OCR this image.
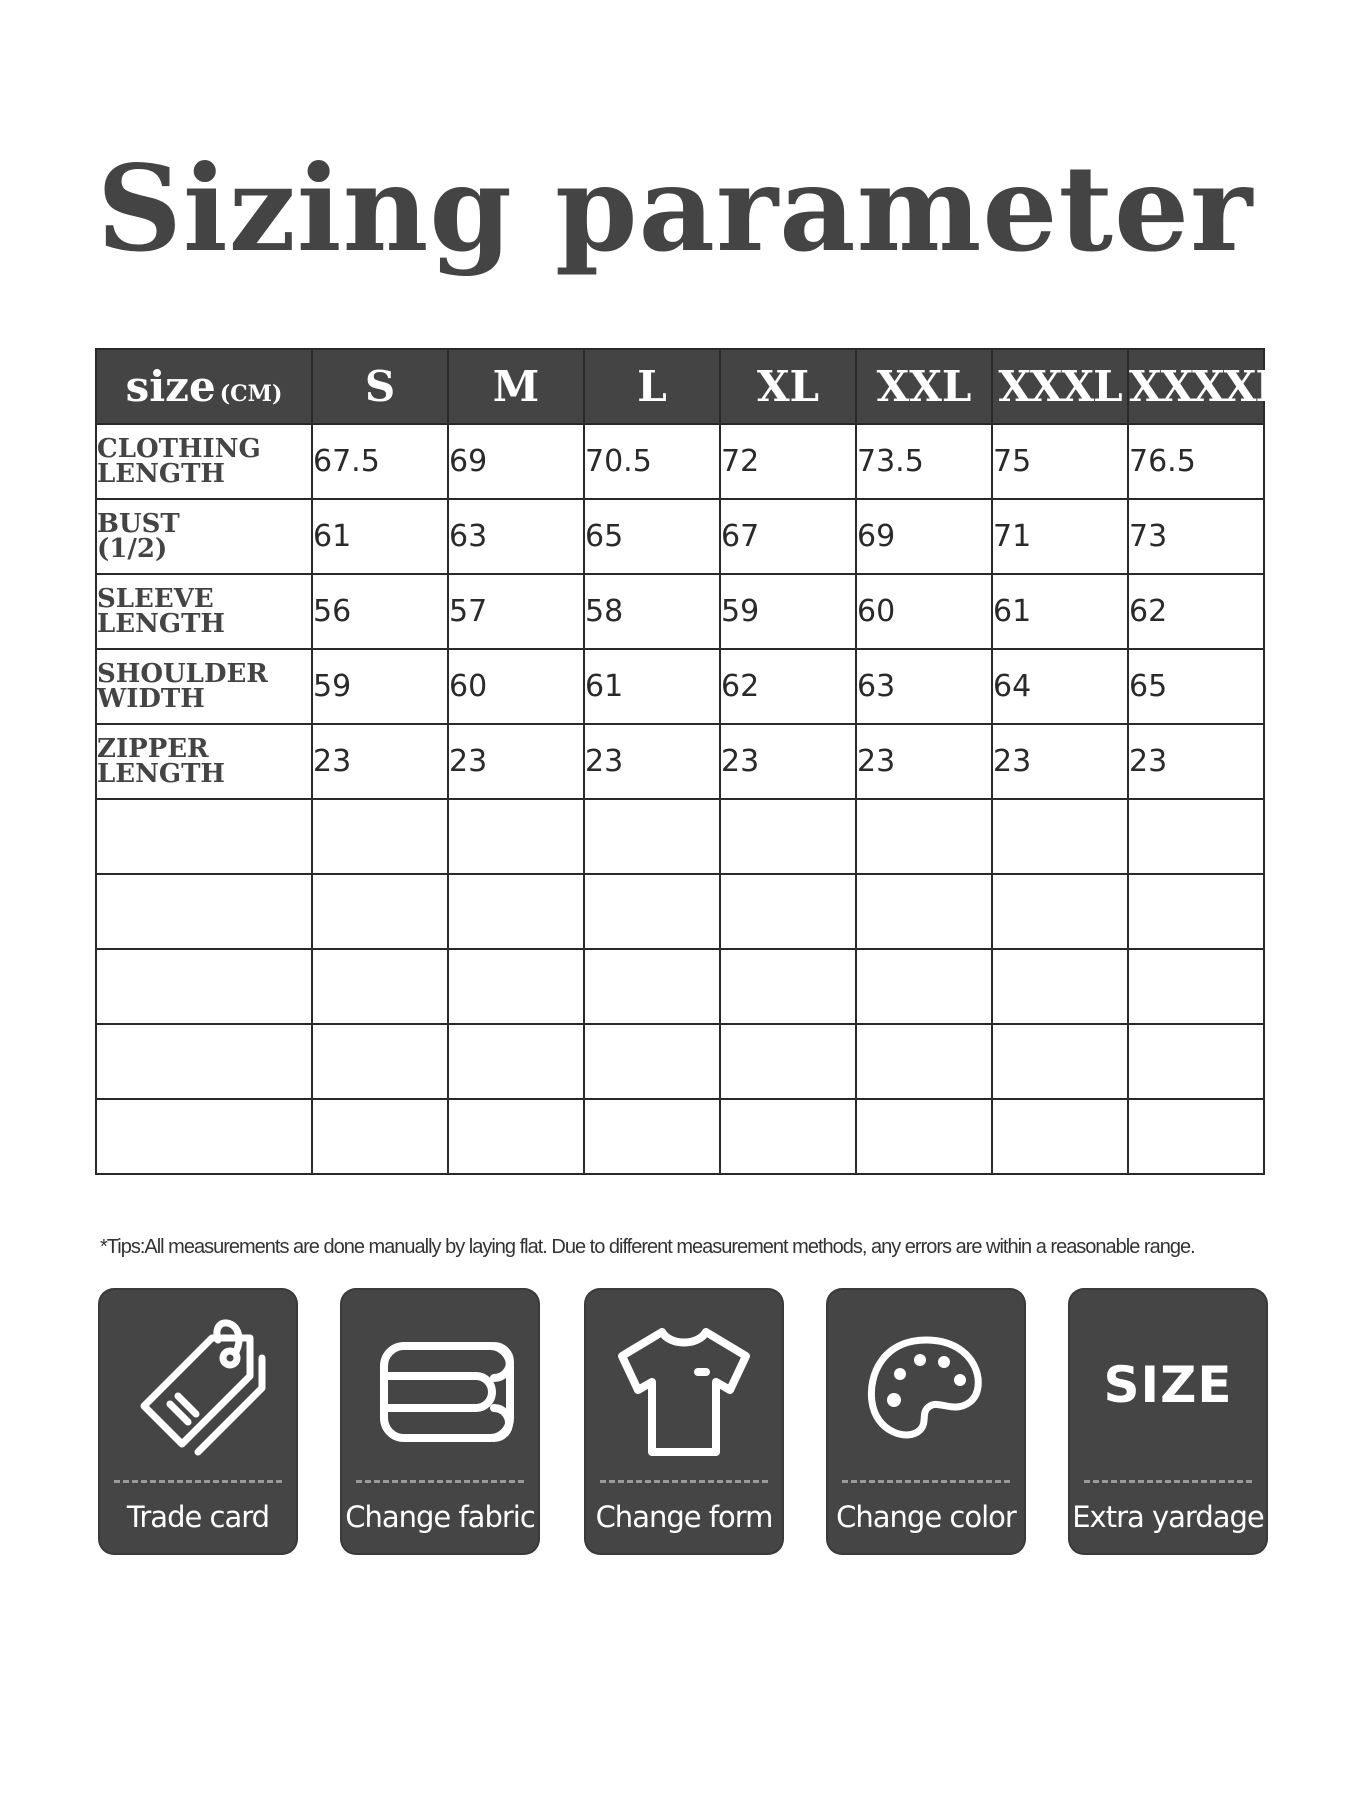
Sizing parameter
size (CM)	S	M	L	XL	XXL	XXXL	XXXXL

CLOTHING
LENGTH	67.5	69	70.5	72	73.5	75	76.5

BUST
(1/2)	61	63	65	67	69	71	73

SLEEVE
LENGTH	56	57	58	59	60	61	62

SHOULDER
WIDTH	59	60	61	62	63	64	65

ZIPPER
LENGTH	23	23	23	23	23	23	23

*Tips:All measurements are done manually by laying flat. Due to different measurement methods, any errors are within a reasonable range.
Trade card	Change fabric	Change form	Change color
SIZE
Extra yardage
